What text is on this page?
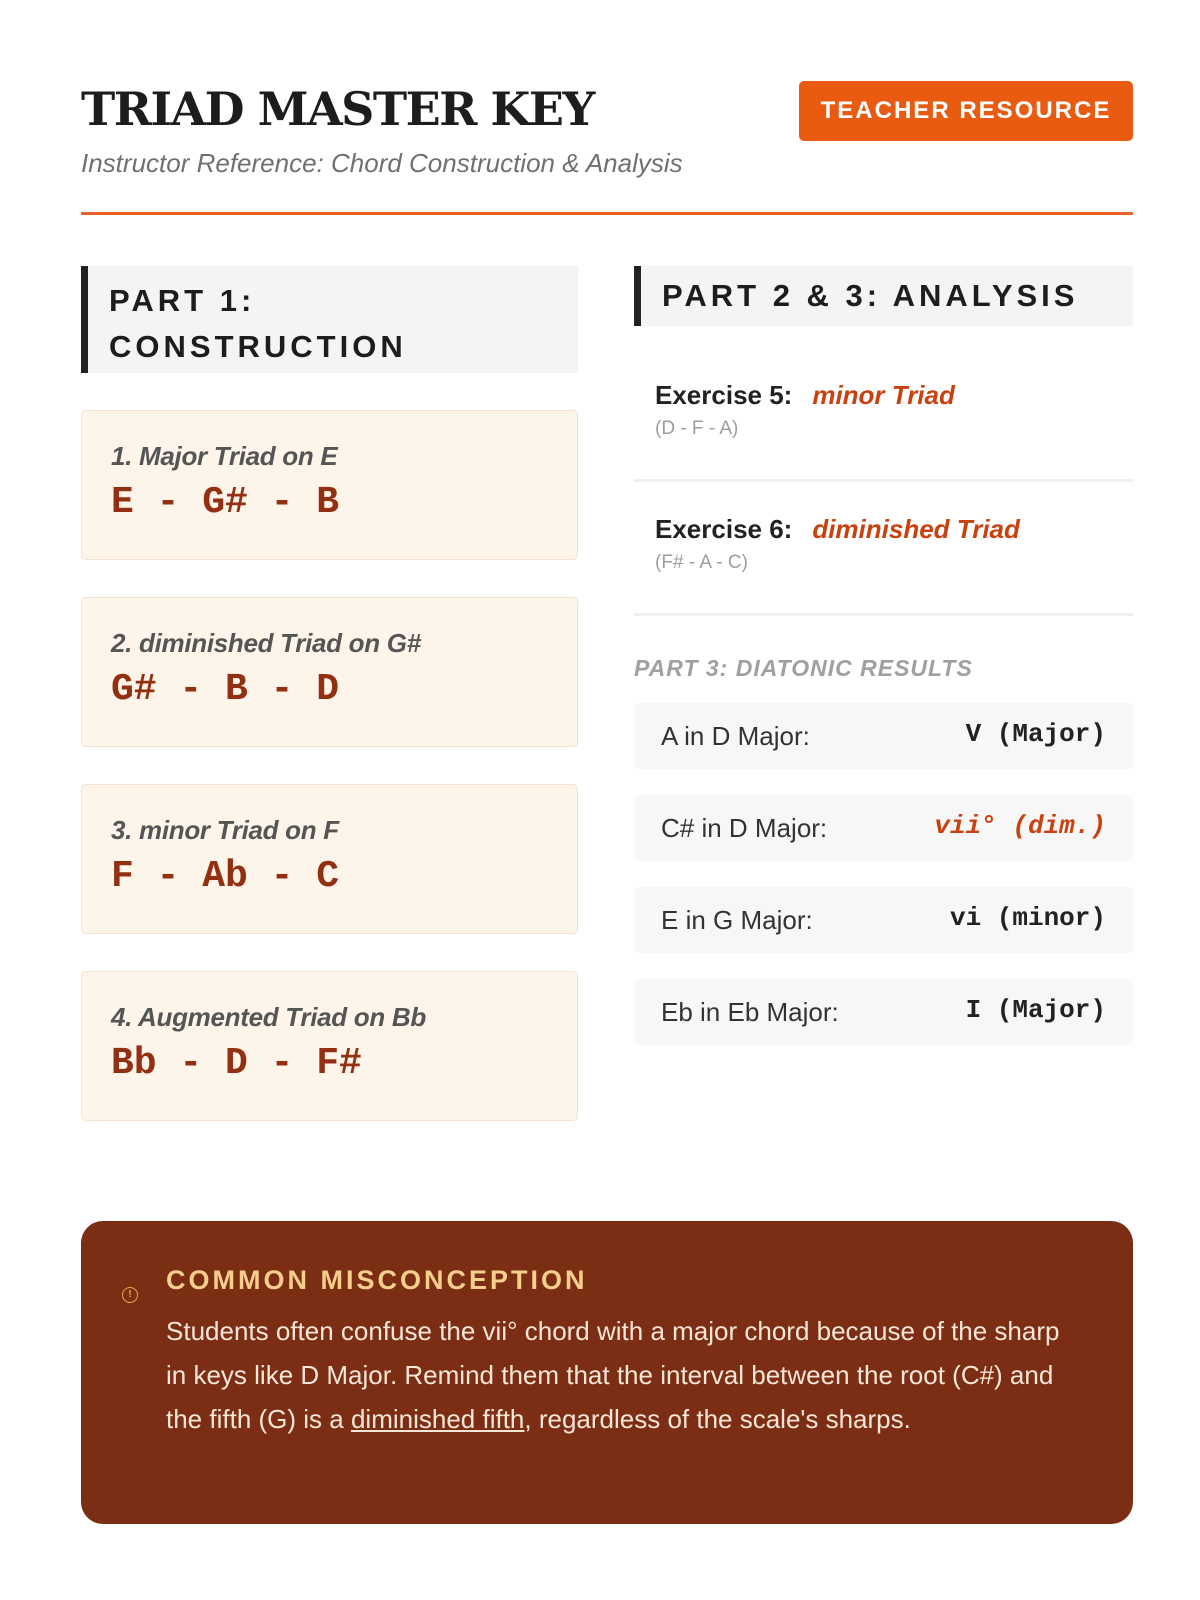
TRIAD MASTER KEY

Instructor Reference: Chord Construction & Analysis

TEACHER RESOURCE
PART 1:
CONSTRUCTION
1. Major Triad on E
E - G# - B
2. diminished Triad on G#
G# - B - D
3. minor Triad on F
F - Ab - C
4. Augmented Triad on Bb
Bb - D - F#
PART 2 & 3: ANALYSIS
Exercise 5: minor Triad
(D - F - A)
Exercise 6: diminished Triad
(F# - A - C)
PART 3: DIATONIC RESULTS
A in D Major:	V (Major)
C# in D Major:	vii° (dim.)
E in G Major:	vi (minor)
Eb in Eb Major:	I (Major)
! COMMON MISCONCEPTION

Students often confuse the vii° chord with a major chord because of the sharp in keys like D Major. Remind them that the interval between the root (C#) and the fifth (G) is a diminished fifth, regardless of the scale's sharps.
